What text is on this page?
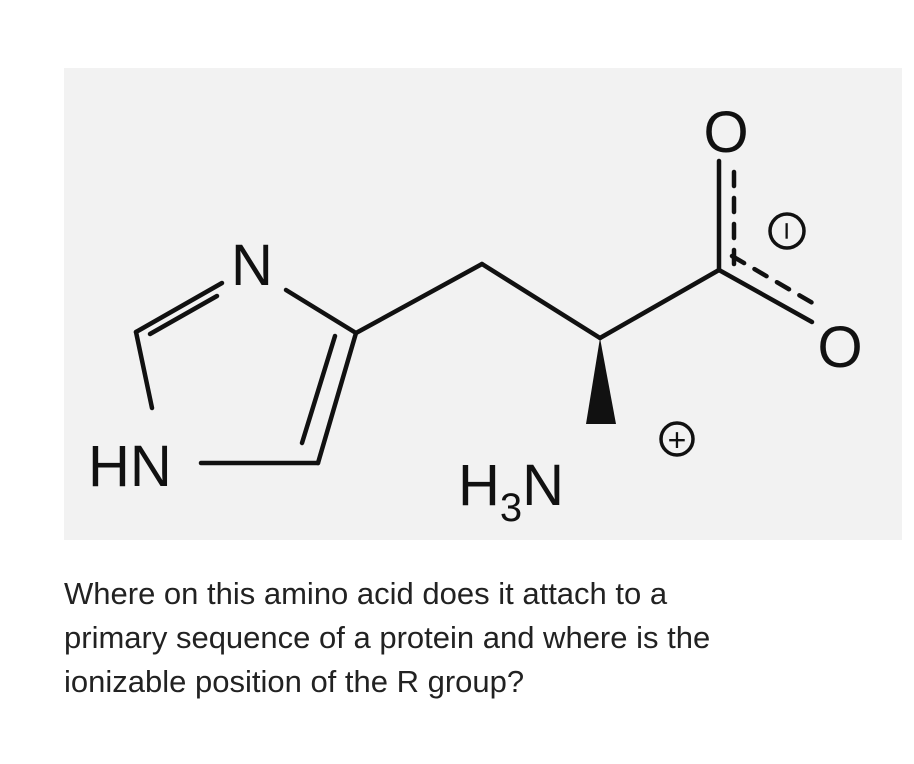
N
HN
O
O
$H_3N$
+
−
Where on this amino acid does it attach to a
primary sequence of a protein and where is the
ionizable position of the R group?
